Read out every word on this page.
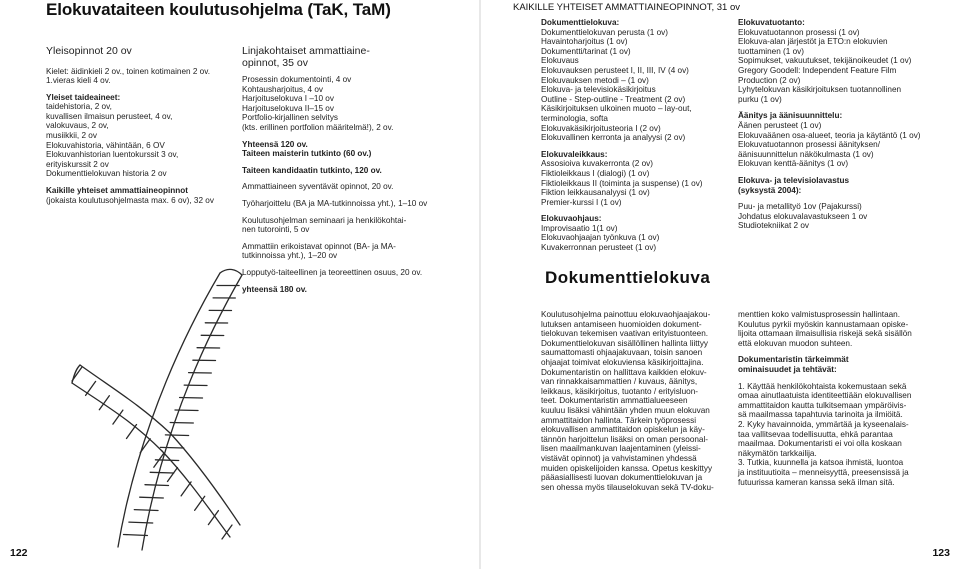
Elokuvataiteen koulutusohjelma (TaK, TaM)
Yleisopinnot 20 ov
Kielet: äidinkieli 2 ov., toinen kotimainen 2 ov.
1.vieras kieli 4 ov.
Yleiset taideaineet:
taidehistoria, 2 ov,
kuvallisen ilmaisun perusteet, 4 ov,
valokuvaus, 2 ov,
musiikkii, 2 ov
Elokuvahistoria, vähintään, 6 OV
Elokuvanhistorian luentokurssit 3 ov,
erityiskurssit 2 ov
Dokumenttielokuvan historia 2 ov
Kaikille yhteiset ammattiaineopinnot
(jokaista koulutusohjelmasta max. 6 ov), 32 ov
Linjakohtaiset ammattiaine-
opinnot, 35 ov
Prosessin dokumentointi, 4 ov
Kohtausharjoitus, 4 ov
Harjoituselokuva I –10 ov
Harjoituselokuva II–15 ov
Portfolio-kirjallinen selvitys
(kts. erillinen portfolion määritelmä!), 2 ov.
Yhteensä 120 ov.
Taiteen maisterin tutkinto (60 ov.)
Taiteen kandidaatin tutkinto, 120 ov.
Ammattiaineen syventävät opinnot, 20 ov.
Työharjoittelu (BA ja MA-tutkinnoissa yht.), 1–10 ov
Koulutusohjelman seminaari ja henkilökohtai-
nen tutorointi, 5 ov
Ammattiin erikoistavat opinnot (BA- ja MA-
tutkinnoissa yht.), 1–20 ov
Lopputyö-taiteellinen ja teoreettinen osuus, 20 ov.
yhteensä 180 ov.
122
KAIKILLE YHTEISET AMMATTIAINEOPINNOT, 31 ov
Dokumenttielokuva:
Dokumenttielokuvan perusta (1 ov)
Havaintoharjoitus (1 ov)
Dokumentti/tarinat (1 ov)
Elokuvaus
Elokuvauksen perusteet I, II, III, IV (4 ov)
Elokuvauksen metodi – (1 ov)
Elokuva- ja televisiokäsikirjoitus
Outline - Step-outline - Treatment (2 ov)
Käsikirjoituksen ulkoinen muoto – lay-out,
terminologia, softa
Elokuvakäsikirjoitusteoria I (2 ov)
Elokuvallinen kerronta ja analyysi (2 ov)
Elokuvaleikkaus:
Assosioiva kuvakerronta (2 ov)
Fiktioleikkaus I (dialogi) (1 ov)
Fiktioleikkaus II (toiminta ja suspense) (1 ov)
Fiktion leikkausanalyysi (1 ov)
Premier-kurssi I (1 ov)
Elokuvaohjaus:
Improvisaatio 1(1 ov)
Elokuvaohjaajan työnkuva (1 ov)
Kuvakerronnan perusteet (1 ov)
Elokuvatuotanto:
Elokuvatuotannon prosessi (1 ov)
Elokuva-alan järjestöt ja ETO:n elokuvien
tuottaminen (1 ov)
Sopimukset, vakuutukset, tekijänoikeudet (1 ov)
Gregory Goodell: Independent Feature Film
Production (2 ov)
Lyhytelokuvan käsikirjoituksen tuotannollinen
purku (1 ov)
Äänitys ja äänisuunnittelu:
Äänen perusteet (1 ov)
Elokuvaäänen osa-alueet, teoria ja käytäntö (1 ov)
Elokuvatuotannon prosessi äänityksen/
äänisuunnittelun näkökulmasta (1 ov)
Elokuvan kenttä-äänitys (1 ov)
Elokuva- ja televisiolavastus
(syksystä 2004):
Puu- ja metallityö 1ov (Pajakurssi)
Johdatus elokuvalavastukseen 1 ov
Studiotekniikat 2 ov
Dokumenttielokuva
Koulutusohjelma painottuu elokuvaohjaajakou-
lutuksen antamiseen huomioiden dokument-
tielokuvan tekemisen vaativan erityistuonteen.
Dokumenttielokuvan sisällöllinen hallinta liittyy
saumattomasti ohjaajakuvaan, toisin sanoen
ohjaajat toimivat elokuviensa käsikirjoittajina.
Dokumentaristin on hallittava kaikkien elokuv-
van rinnakkaisammattien / kuvaus, äänitys,
leikkaus, käsikirjoitus, tuotanto / erityisluon-
teet. Dokumentaristin ammattialueeseen
kuuluu lisäksi vähintään yhden muun elokuvan
ammattitaidon hallinta. Tärkein työprosessi
elokuvallisen ammattitaidon opiskelun ja käy-
tännön harjoittelun lisäksi on oman persoonal-
lisen maailmankuvan laajentaminen (yleissi-
vistävät opinnot) ja vahvistaminen yhdessä
muiden opiskelijoiden kanssa. Opetus keskittyy
pääasiallisesti luovan dokumenttielokuvan ja
sen ohessa myös tilauselokuvan sekä TV-doku-
menttien koko valmistusprosessin hallintaan.
Koulutus pyrkii myöskin kannustamaan opiske-
lijoita ottamaan ilmaisullisia riskejä sekä sisällön
että elokuvan muodon suhteen.
Dokumentaristin tärkeimmät
ominaisuudet ja tehtävät:
1. Käyttää henkilökohtaista kokemustaan sekä
omaa ainutlaatuista identiteettiään elokuvallisen
ammattitaidon kautta tulkitsemaan ympäröivis-
sä maailmassa tapahtuvia tarinoita ja ilmiöitä.
2. Kyky havainnoida, ymmärtää ja kyseenalais-
taa vallitsevaa todellisuutta, ehkä parantaa
maailmaa. Dokumentaristi ei voi olla koskaan
näkymätön tarkkailija.
3. Tutkia, kuunnella ja katsoa ihmistä, luontoa
ja instituutioita – menneisyyttä, preesensissä ja
futuurissa kameran kanssa sekä ilman sitä.
123
